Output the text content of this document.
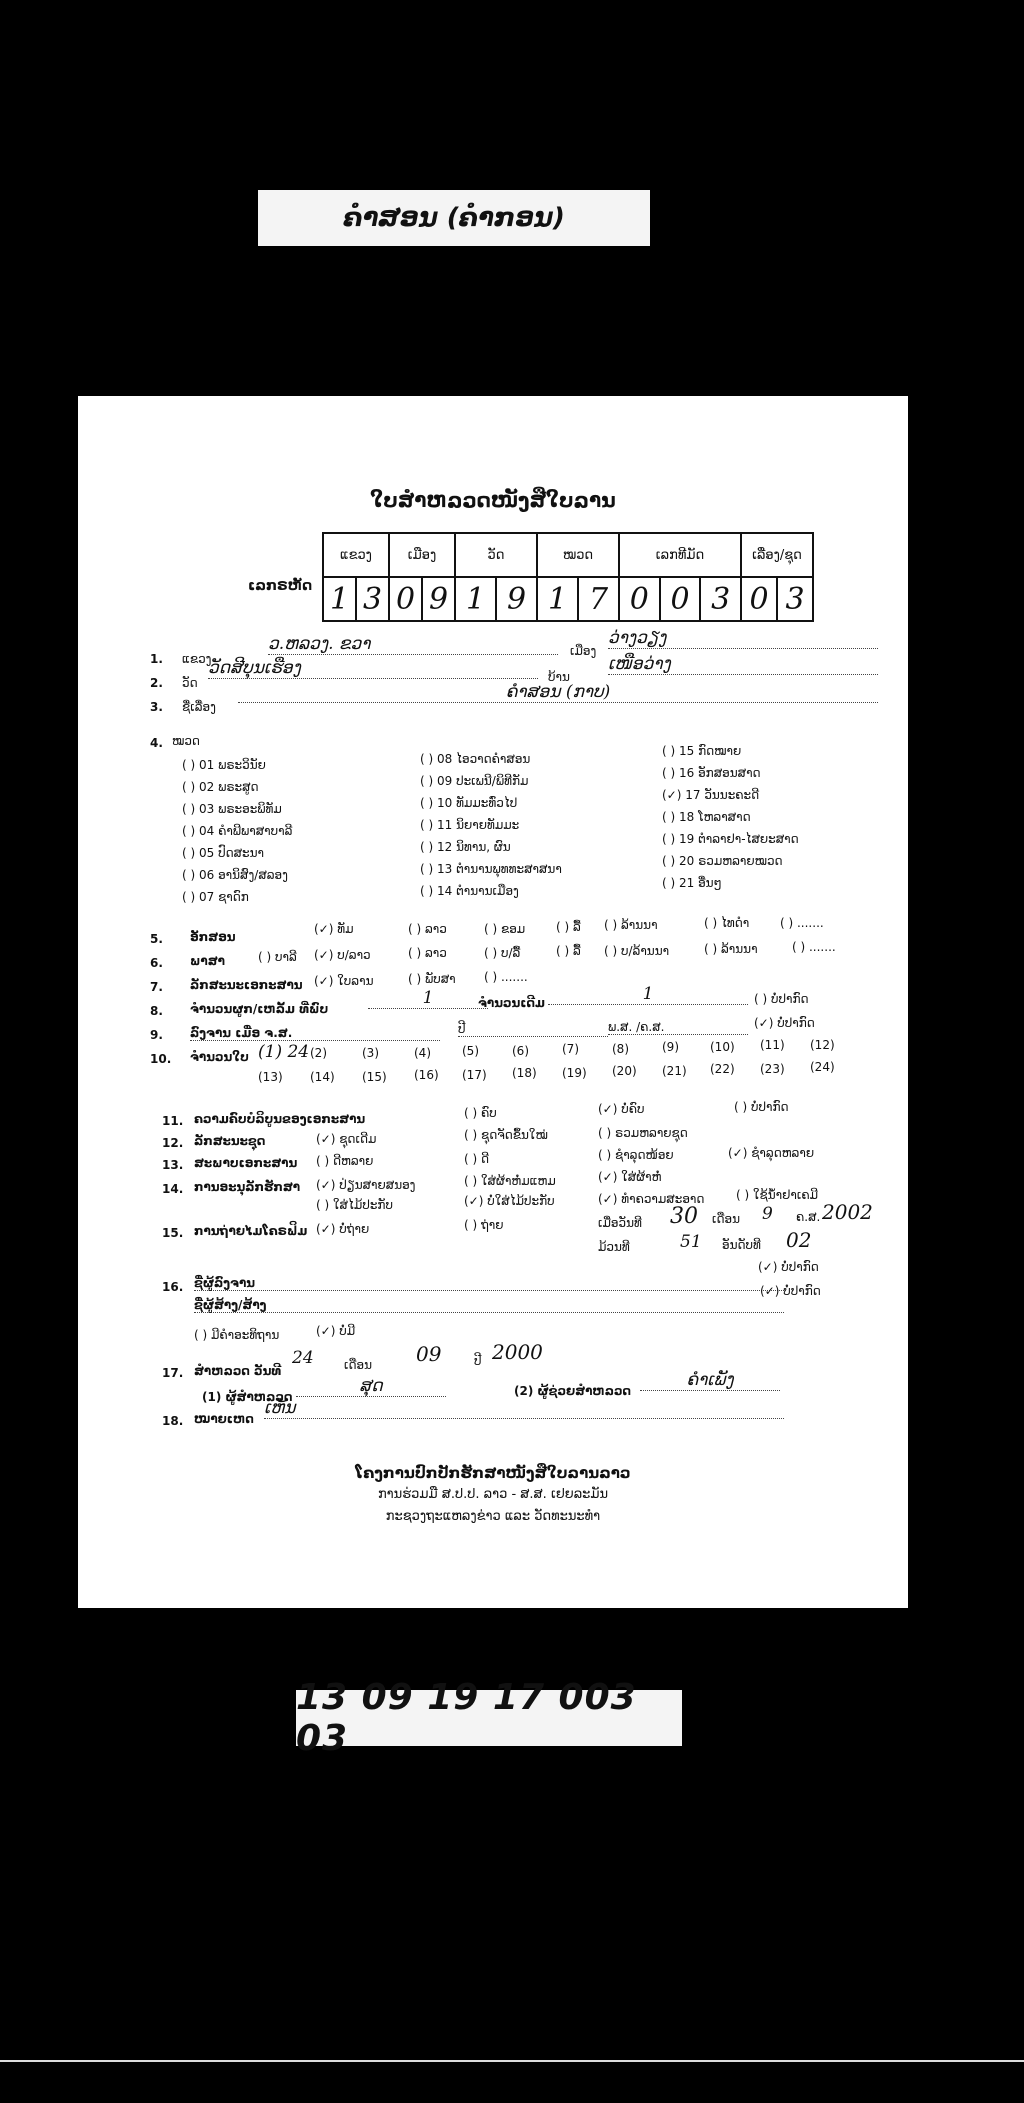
ຄຳສອນ (ຄຳກອນ)
ໃບສຳຫລວດໜັງສືໃບລານ
ເລກຣຫັດ
ແຂວງ		ເມືອງ		ວັດ		ໝວດ		ເລກທີມັດ			ເລື່ອງ/ຊຸດ	
1	3	0	9	1	9	1	7	0	0	3	0	3
1. ແຂວງ
ວ.ຫລວງ. ຂວາ	ເມືອງ
ວ່າງວຽງ
2. ວັດ
ວັດສີບຸນເຮືອງ	ບ້ານ
ເໜືອວ່າງ
3. ຊື່ເລື່ອງ
ຄຳສອນ (ກາບ)
4. ໝວດ
( ) 01 ພຣະວິນັຍ
( ) 02 ພຣະສູດ
( ) 03 ພຣະອະພິທັມ
( ) 04 ຄຳພີພາສາບາລີ
( ) 05 ປົດສະນາ
( ) 06 ອານິສົງ/ສລອງ
( ) 07 ຊາດົກ
( ) 08 ໄອວາດຄຳສອນ
( ) 09 ປະເພນີ/ພິທີກັມ
( ) 10 ທັມມະທົ່ວໄປ
( ) 11 ນິຍາຍທັມມະ
( ) 12 ນິທານ, ຜົນ
( ) 13 ຕຳນານພຸທທະສາສນາ
( ) 14 ຕຳນານເມືອງ
( ) 15 ກົດໝາຍ
( ) 16 ອັກສອນສາດ
(✓) 17 ວັນນະຄະດີ
( ) 18 ໂຫລາສາດ
( ) 19 ຕຳລາຢາ-ໄສຍະສາດ
( ) 20 ຣວມຫລາຍໝວດ
( ) 21 ອື່ນໆ
5. ອັກສອນ
(✓) ທັມ	( ) ລາວ	( ) ຂອມ	( ) ລື້ ( ) ລ້ານນາ	( ) ໄທດຳ	( ) .......
6. ພາສາ	( ) ບາລີ (✓) ບ/ລາວ	( ) ລາວ	( ) ບ/ລື້	( ) ລື້ ( ) ບ/ລ້ານນາ	( ) ລ້ານນາ	( ) .......
7. ລັກສະນະເອກະສານ (✓) ໃບລານ	( ) ພັບສາ ( ) .......
8. ຈຳນວນຜູກ/ເຫລັ້ມ ທີ່ພົບ
1	ຈຳນວນເດີມ	1	( ) ບໍ່ປາກົດ
9. ລົງຈານ ເມື່ອ ຈ.ສ.	ປີ	ພ.ສ. /ຄ.ສ.	(✓) ບໍ່ປາກົດ
10. ຈຳນວນໃບ (1) 24 (2)	(3)	(4)	(5)	(6)	(7)	(8)	(9)	(10) (11) (12)
(13) (14) (15) (16) (17) (18) (19) (20) (21) (22) (23) (24)
11. ຄວາມຄົບບໍລິບູນຂອງເອກະສານ	( ) ຄົບ	(✓) ບໍ່ຄົບ	( ) ບໍ່ປາກົດ
12. ລັກສະນະຊຸດ	(✓) ຊຸດເດີມ	( ) ຊຸດຈັດຂຶ້ນໃໝ່	( ) ຣວມຫລາຍຊຸດ
13. ສະພາບເອກະສານ ( ) ດີຫລາຍ	( ) ດີ	( ) ຊຳລຸດໜ້ອຍ	(✓) ຊຳລຸດຫລາຍ
14. ການອະນຸລັກຮັກສາ (✓) ປ່ຽນສາຍສນອງ
( ) ໃສ່ໄມ້ປະກັບ	(✓) ບໍ່ໃສ່ໄມ້ປະກັບ
( ) ໃສ່ຜ້າຫໍ່ມແຫມ	(✓) ໃສ່ຜ້າຫໍ່
(✓) ທຳຄວາມສະອາດ	( ) ໃຊ້ນ້ຳຢາເຄມີ
15. ການຖ່າຍໄມໂຄຣຟິມ (✓) ບໍ່ຖ່າຍ	( ) ຖ່າຍ	ເມື່ອວັນທີ 30 ເດືອນ 9 ຄ.ສ. 2002
ມ້ວນທີ	51 ອັນດັບທີ 02
16. ຊື່ຜູ້ລົງຈານ
(✓) ບໍ່ປາກົດ
ຊື່ຜູ້ສ້າງ/ສ້າງ
(✓) ບໍ່ປາກົດ
( ) ມີຄຳອະທິຖານ	(✓) ບໍ່ມີ
17. ສຳຫລວດ ວັນທີ
24	ເດືອນ 09	ປີ 2000
(1) ຜູ້ສຳຫລວດ
ສຸດ	(2) ຜູ້ຊ່ວຍສຳຫລວດ
ຄຳເພັງ
18. ໝາຍເຫດ
ເຫັນ
ໂຄງການປົກປັກຮັກສາໜັງສືໃບລານລາວ
ການຮ່ວມມື ສ.ປ.ປ. ລາວ - ສ.ສ. ເຢຍລະມັນ
ກະຊວງຖະແຫລງຂ່າວ ແລະ ວັດທະນະທຳ
13 09 19 17 003 03
